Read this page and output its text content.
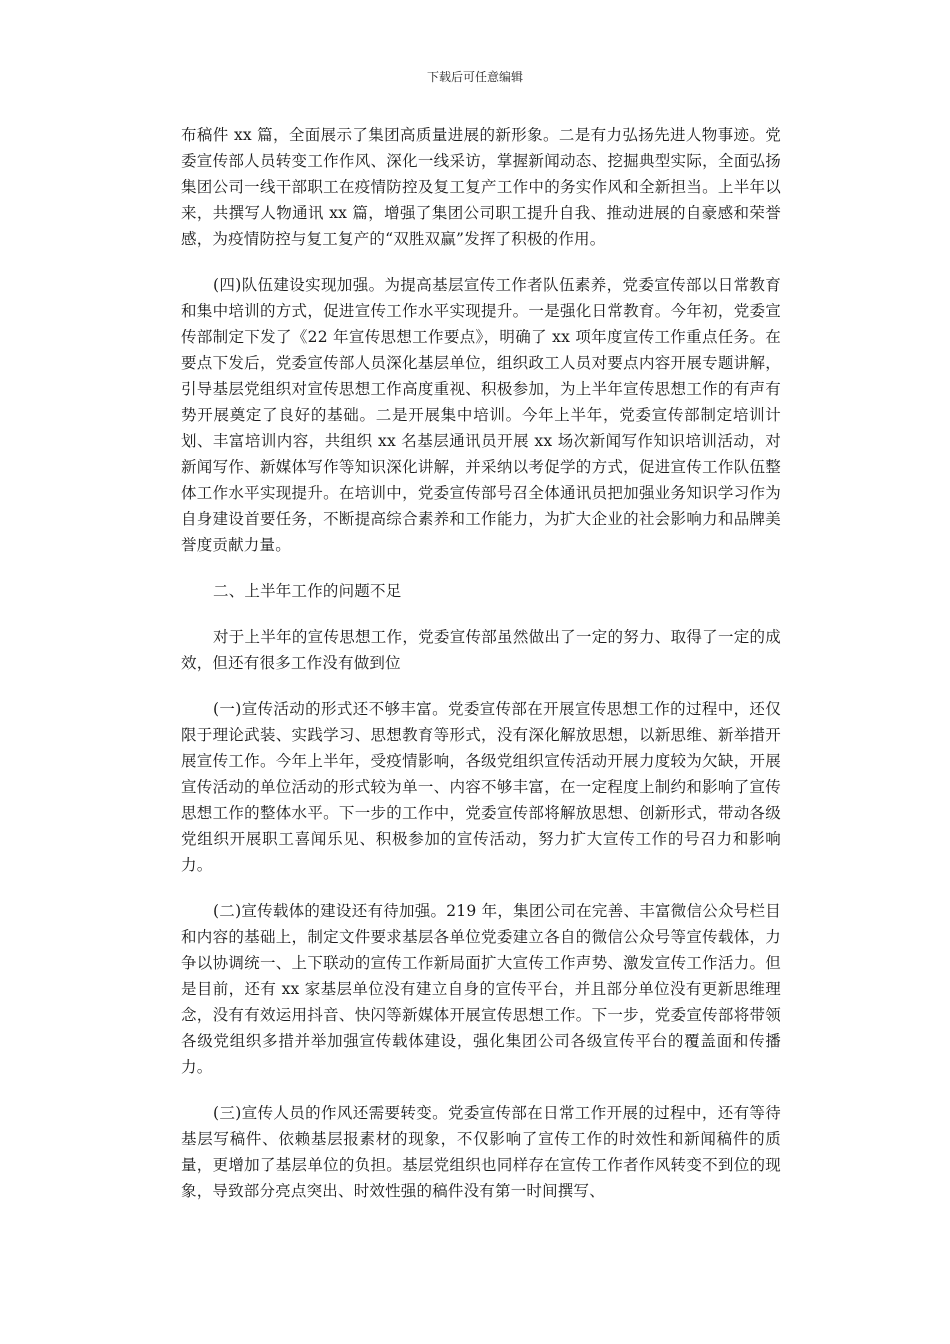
下载后可任意编辑

布稿件 xx 篇，全面展示了集团高质量进展的新形象。二是有力弘扬先进人物事迹。党委宣传部人员转变工作作风、深化一线采访，掌握新闻动态、挖掘典型实际，全面弘扬集团公司一线干部职工在疫情防控及复工复产工作中的务实作风和全新担当。上半年以来，共撰写人物通讯 xx 篇，增强了集团公司职工提升自我、推动进展的自豪感和荣誉感，为疫情防控与复工复产的“双胜双赢”发挥了积极的作用。

(四)队伍建设实现加强。为提高基层宣传工作者队伍素养，党委宣传部以日常教育和集中培训的方式，促进宣传工作水平实现提升。一是强化日常教育。今年初，党委宣传部制定下发了《22 年宣传思想工作要点》，明确了 xx 项年度宣传工作重点任务。在要点下发后，党委宣传部人员深化基层单位，组织政工人员对要点内容开展专题讲解，引导基层党组织对宣传思想工作高度重视、积极参加，为上半年宣传思想工作的有声有势开展奠定了良好的基础。二是开展集中培训。今年上半年，党委宣传部制定培训计划、丰富培训内容，共组织 xx 名基层通讯员开展 xx 场次新闻写作知识培训活动，对新闻写作、新媒体写作等知识深化讲解，并采纳以考促学的方式，促进宣传工作队伍整体工作水平实现提升。在培训中，党委宣传部号召全体通讯员把加强业务知识学习作为自身建设首要任务，不断提高综合素养和工作能力，为扩大企业的社会影响力和品牌美誉度贡献力量。

二、上半年工作的问题不足

对于上半年的宣传思想工作，党委宣传部虽然做出了一定的努力、取得了一定的成效，但还有很多工作没有做到位

(一)宣传活动的形式还不够丰富。党委宣传部在开展宣传思想工作的过程中，还仅限于理论武装、实践学习、思想教育等形式，没有深化解放思想，以新思维、新举措开展宣传工作。今年上半年，受疫情影响，各级党组织宣传活动开展力度较为欠缺，开展宣传活动的单位活动的形式较为单一、内容不够丰富，在一定程度上制约和影响了宣传思想工作的整体水平。下一步的工作中，党委宣传部将解放思想、创新形式，带动各级党组织开展职工喜闻乐见、积极参加的宣传活动，努力扩大宣传工作的号召力和影响力。

(二)宣传载体的建设还有待加强。219 年，集团公司在完善、丰富微信公众号栏目和内容的基础上，制定文件要求基层各单位党委建立各自的微信公众号等宣传载体，力争以协调统一、上下联动的宣传工作新局面扩大宣传工作声势、激发宣传工作活力。但是目前，还有 xx 家基层单位没有建立自身的宣传平台，并且部分单位没有更新思维理念，没有有效运用抖音、快闪等新媒体开展宣传思想工作。下一步，党委宣传部将带领各级党组织多措并举加强宣传载体建设，强化集团公司各级宣传平台的覆盖面和传播力。

(三)宣传人员的作风还需要转变。党委宣传部在日常工作开展的过程中，还有等待基层写稿件、依赖基层报素材的现象，不仅影响了宣传工作的时效性和新闻稿件的质量，更增加了基层单位的负担。基层党组织也同样存在宣传工作者作风转变不到位的现象，导致部分亮点突出、时效性强的稿件没有第一时间撰写、
